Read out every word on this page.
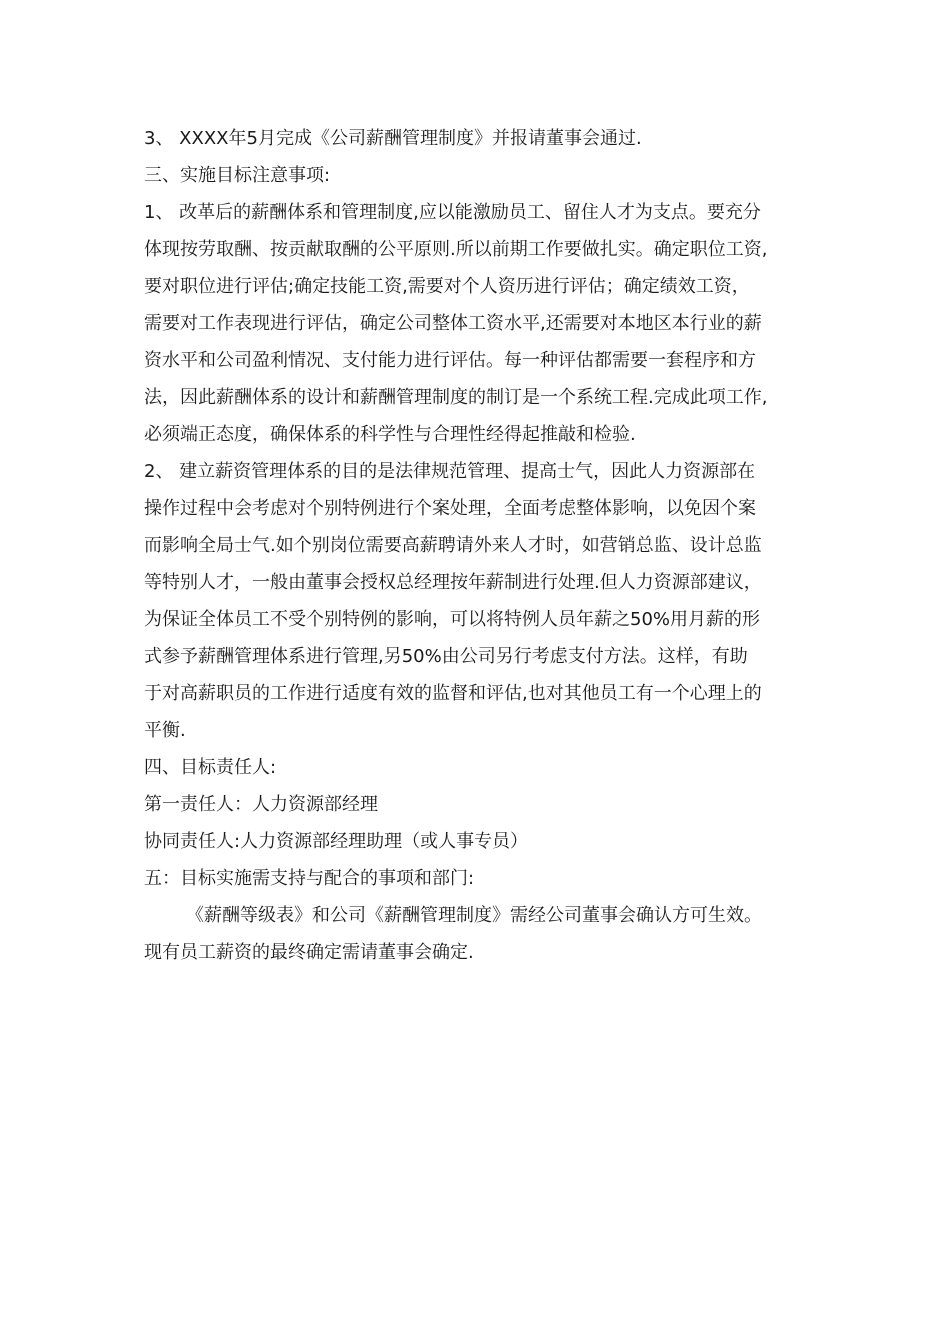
3、 XXXX年5月完成《公司薪酬管理制度》并报请董事会通过.
三、实施目标注意事项:
1、 改革后的薪酬体系和管理制度,应以能激励员工、留住人才为支点。要充分
体现按劳取酬、按贡献取酬的公平原则.所以前期工作要做扎实。确定职位工资,
要对职位进行评估;确定技能工资,需要对个人资历进行评估；确定绩效工资，
需要对工作表现进行评估，确定公司整体工资水平,还需要对本地区本行业的薪
资水平和公司盈利情况、支付能力进行评估。每一种评估都需要一套程序和方
法，因此薪酬体系的设计和薪酬管理制度的制订是一个系统工程.完成此项工作,
必须端正态度，确保体系的科学性与合理性经得起推敲和检验.
2、 建立薪资管理体系的目的是法律规范管理、提高士气，因此人力资源部在
操作过程中会考虑对个别特例进行个案处理，全面考虑整体影响，以免因个案
而影响全局士气.如个别岗位需要高薪聘请外来人才时，如营销总监、设计总监
等特别人才，一般由董事会授权总经理按年薪制进行处理.但人力资源部建议，
为保证全体员工不受个别特例的影响，可以将特例人员年薪之50%用月薪的形
式参予薪酬管理体系进行管理,另50%由公司另行考虑支付方法。这样，有助
于对高薪职员的工作进行适度有效的监督和评估,也对其他员工有一个心理上的
平衡.
四、目标责任人:
第一责任人：人力资源部经理
协同责任人:人力资源部经理助理（或人事专员）
五：目标实施需支持与配合的事项和部门:
《薪酬等级表》和公司《薪酬管理制度》需经公司董事会确认方可生效。
现有员工薪资的最终确定需请董事会确定.
